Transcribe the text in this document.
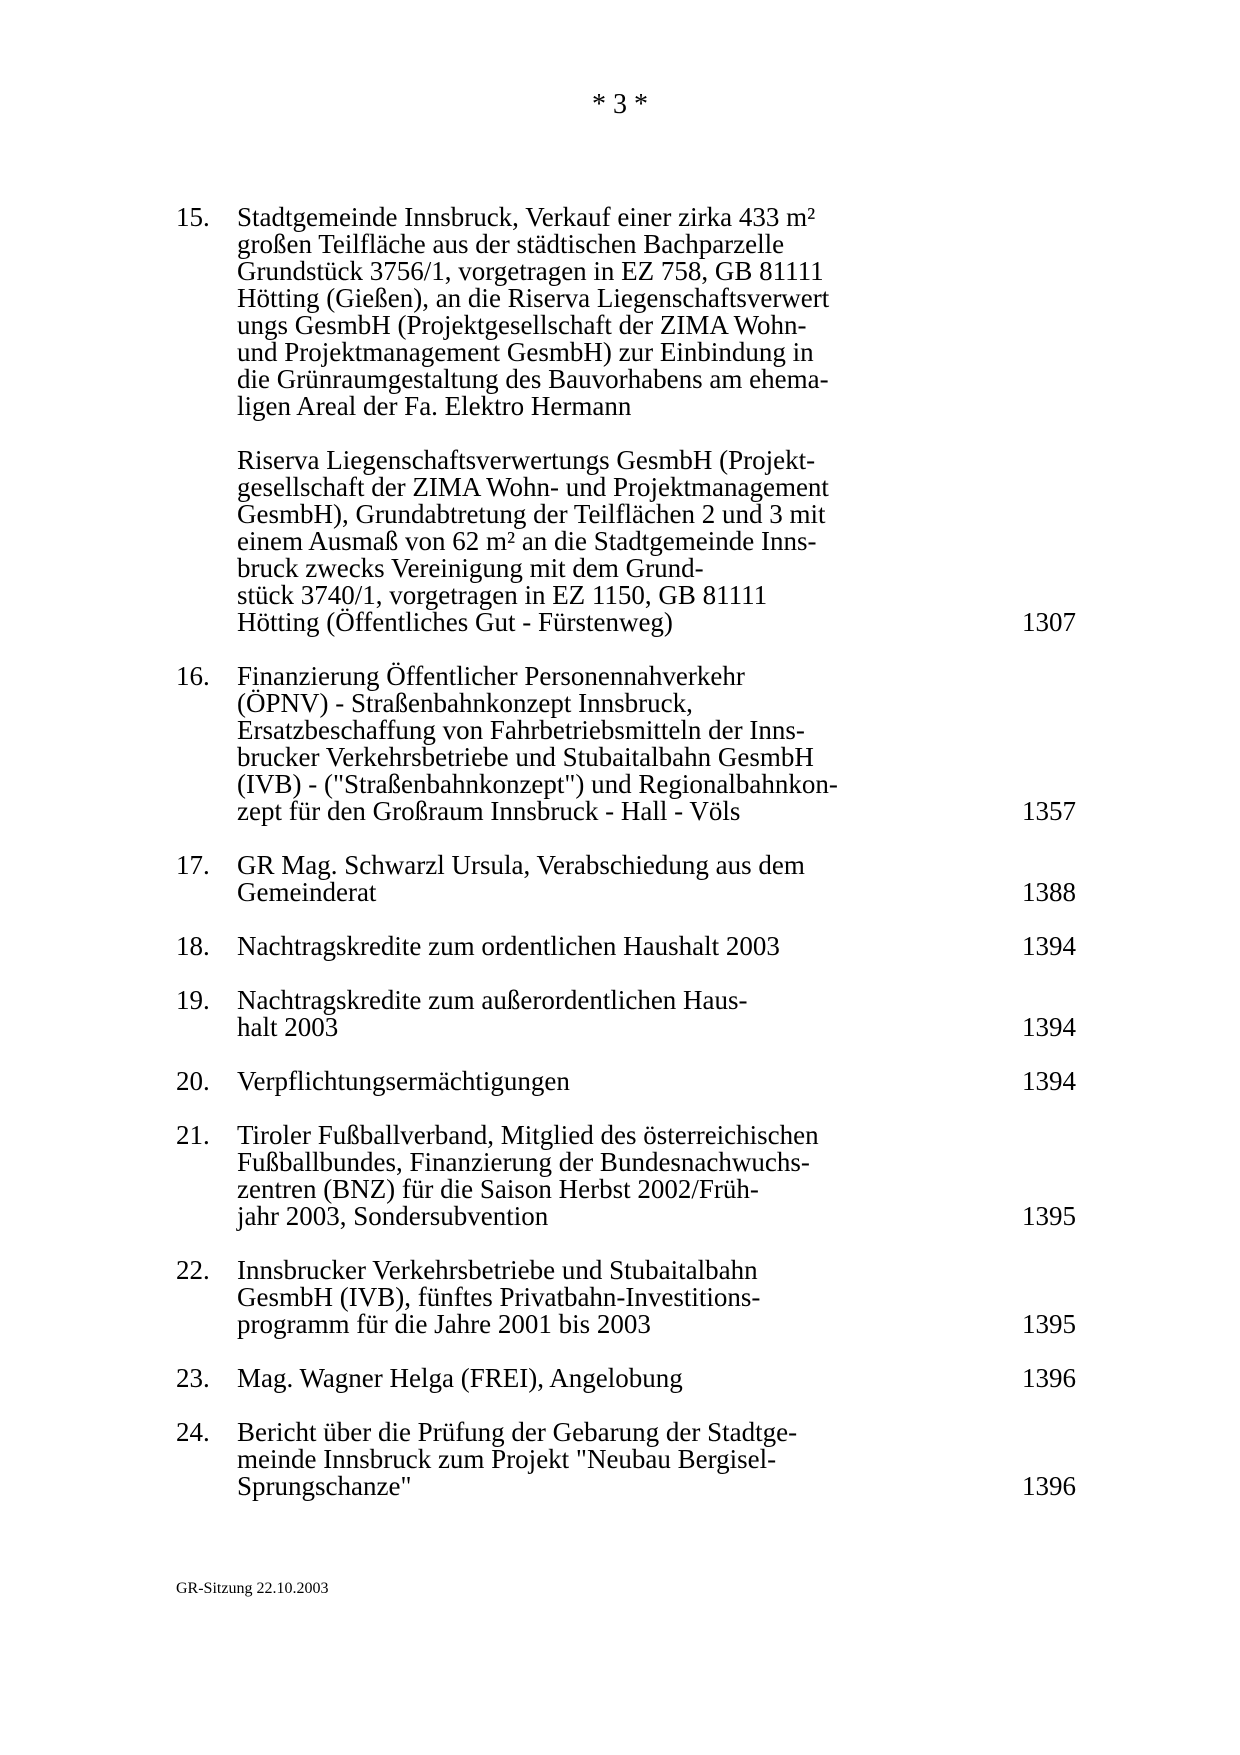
* 3 *
15.	Stadtgemeinde Innsbruck, Verkauf einer zirka 433 m²
großen Teilfläche aus der städtischen Bachparzelle
Grundstück 3756/1, vorgetragen in EZ 758, GB 81111
Hötting (Gießen), an die Riserva Liegenschaftsverwert
ungs GesmbH (Projektgesellschaft der ZIMA Wohn-
und Projektmanagement GesmbH) zur Einbindung in
die Grünraumgestaltung des Bauvorhabens am ehema-
ligen Areal der Fa. Elektro Hermann
Riserva Liegenschaftsverwertungs GesmbH (Projekt-
gesellschaft der ZIMA Wohn- und Projektmanagement
GesmbH), Grundabtretung der Teilflächen 2 und 3 mit
einem Ausmaß von 62 m² an die Stadtgemeinde Inns-
bruck zwecks Vereinigung mit dem Grund-
stück 3740/1, vorgetragen in EZ 1150, GB 81111
Hötting (Öffentliches Gut - Fürstenweg)	1307
16.	Finanzierung Öffentlicher Personennahverkehr
(ÖPNV) - Straßenbahnkonzept Innsbruck,
Ersatzbeschaffung von Fahrbetriebsmitteln der Inns-
brucker Verkehrsbetriebe und Stubaitalbahn GesmbH
(IVB) - ("Straßenbahnkonzept") und Regionalbahnkon-
zept für den Großraum Innsbruck - Hall - Völs	1357
17.	GR Mag. Schwarzl Ursula, Verabschiedung aus dem
Gemeinderat	1388
18.	Nachtragskredite zum ordentlichen Haushalt 2003	1394
19.	Nachtragskredite zum außerordentlichen Haus-
halt 2003	1394
20.	Verpflichtungsermächtigungen	1394
21.	Tiroler Fußballverband, Mitglied des österreichischen
Fußballbundes, Finanzierung der Bundesnachwuchs-
zentren (BNZ) für die Saison Herbst 2002/Früh-
jahr 2003, Sondersubvention	1395
22.	Innsbrucker Verkehrsbetriebe und Stubaitalbahn
GesmbH (IVB), fünftes Privatbahn-Investitions-
programm für die Jahre 2001 bis 2003	1395
23.	Mag. Wagner Helga (FREI), Angelobung	1396
24.	Bericht über die Prüfung der Gebarung der Stadtge-
meinde Innsbruck zum Projekt "Neubau Bergisel-
Sprungschanze"	1396
GR-Sitzung 22.10.2003
